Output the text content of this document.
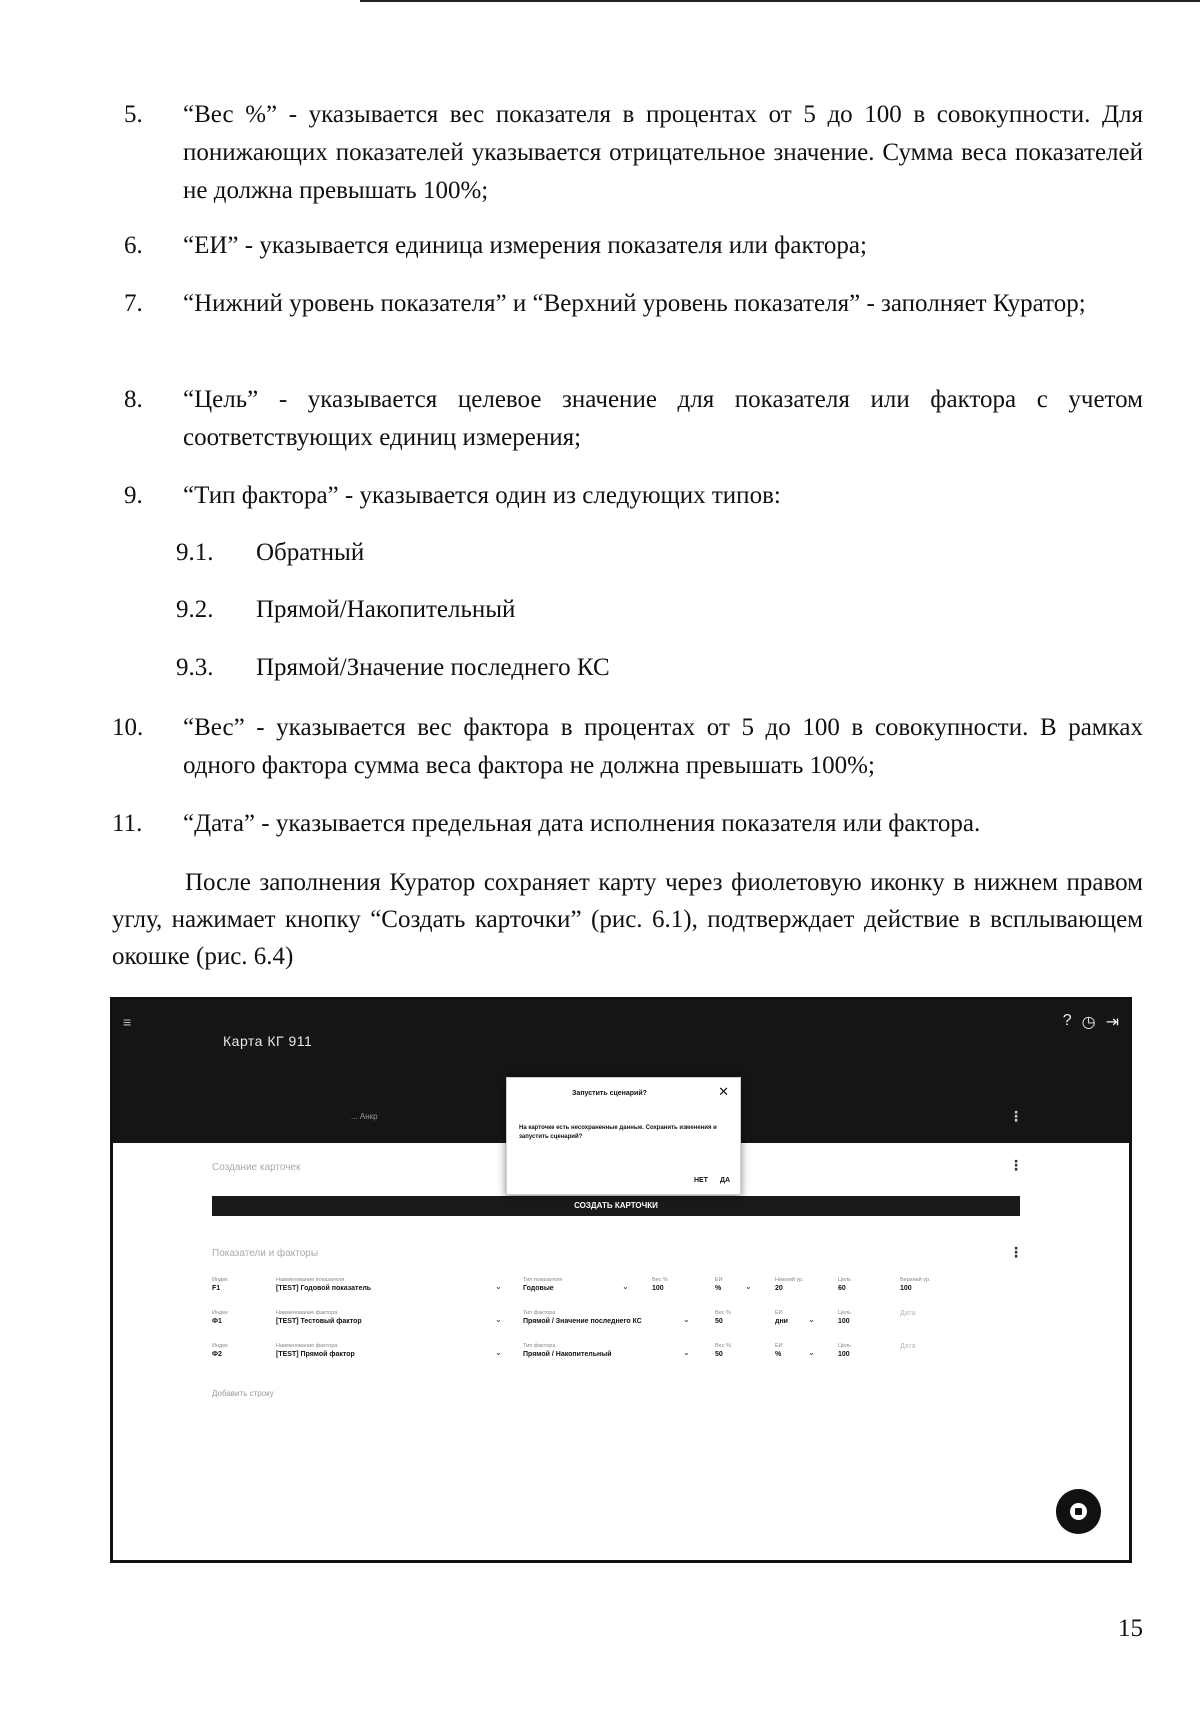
5.	“Вес %” - указывается вес показателя в процентах от 5 до 100 в совокупности. Для понижающих показателей указывается отрицательное значение. Сумма веса показателей не должна превышать 100%;
6.	“ЕИ” - указывается единица измерения показателя или фактора;
7.	“Нижний уровень показателя” и “Верхний уровень показателя” - заполняет Куратор;
8.	“Цель” - указывается целевое значение для показателя или фактора с учетом соответствующих единиц измерения;
9.	“Тип фактора” - указывается один из следующих типов:
9.1.	Обратный
9.2.	Прямой/Накопительный
9.3.	Прямой/Значение последнего КС
10.	“Вес” - указывается вес фактора в процентах от 5 до 100 в совокупности. В рамках одного фактора сумма веса фактора не должна превышать 100%;
11.	“Дата” - указывается предельная дата исполнения показателя или фактора.
После заполнения Куратор сохраняет карту через фиолетовую иконку в нижнем правом углу, нажимает кнопку “Создать карточки” (рис. 6.1), подтверждает действие в всплывающем окошке (рис. 6.4)
≡
Карта КГ 911
? ◷ ⇥
... Анкр	⋮
Создание карточек	⋮
СОЗДАТЬ КАРТОЧКИ
Показатели и факторы	⋮
Индек
F1
Наименование показателя
[TEST] Годовой показатель	⌄
Тип показателя
Годовые	⌄
Вес %
100
ЕИ
%	⌄
Нижний ур.
20
Цель
60
Верхний ур.
100
Индек
Ф1
Наименование фактора
[TEST] Тестовый фактор	⌄
Тип фактора
Прямой / Значение последнего КС	⌄
Вес %
50
ЕИ
дни	⌄
Цель
100
Дата
Индек
Ф2
Наименование фактора
[TEST] Прямой фактор	⌄
Тип фактора
Прямой / Накопительный	⌄
Вес %
50
ЕИ
%	⌄
Цель
100
Дата
Добавить строку
Запустить сценарий?	✕
На карточке есть несохраненные данные. Сохранить изменения и запустить сценарий?
НЕТ ДА
15
